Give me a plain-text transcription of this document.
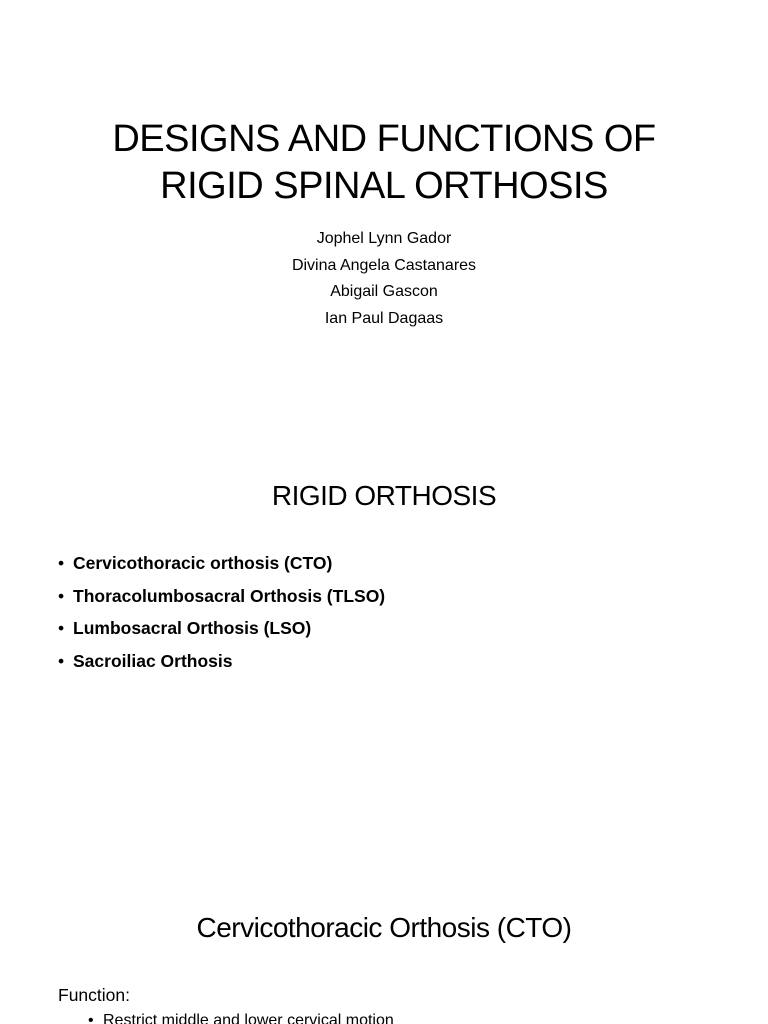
DESIGNS AND FUNCTIONS OF
RIGID SPINAL ORTHOSIS
Jophel Lynn Gador
Divina Angela Castanares
Abigail Gascon
Ian Paul Dagaas
RIGID ORTHOSIS
• Cervicothoracic orthosis (CTO)
• Thoracolumbosacral Orthosis (TLSO)
• Lumbosacral Orthosis (LSO)
• Sacroiliac Orthosis
Cervicothoracic Orthosis (CTO)
Function:
• Restrict middle and lower cervical motion
